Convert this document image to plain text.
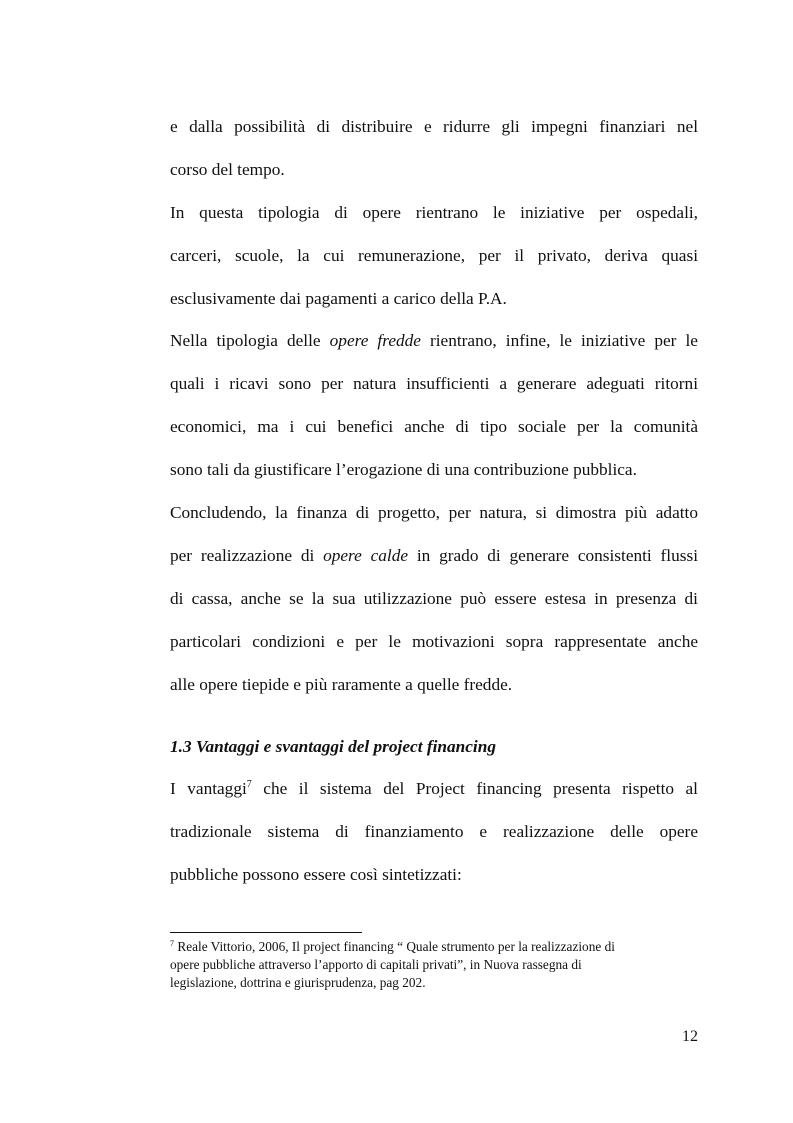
e dalla possibilità di distribuire e ridurre gli impegni finanziari nel
corso del tempo.
In questa tipologia di opere rientrano le iniziative per ospedali,
carceri, scuole, la cui remunerazione, per il privato, deriva quasi
esclusivamente dai pagamenti a carico della P.A.
Nella tipologia delle opere fredde rientrano, infine, le iniziative per le
quali i ricavi sono per natura insufficienti a generare adeguati ritorni
economici, ma i cui benefici anche di tipo sociale per la comunità
sono tali da giustificare l’erogazione di una contribuzione pubblica.
Concludendo, la finanza di progetto, per natura, si dimostra più adatto
per realizzazione di opere calde in grado di generare consistenti flussi
di cassa, anche se la sua utilizzazione può essere estesa in presenza di
particolari condizioni e per le motivazioni sopra rappresentate anche
alle opere tiepide e più raramente a quelle fredde.
1.3 Vantaggi e svantaggi del project financing
I vantaggi$^7$ che il sistema del Project financing presenta rispetto al
tradizionale sistema di finanziamento e realizzazione delle opere
pubbliche possono essere così sintetizzati:
$^7$ Reale Vittorio, 2006, Il project financing “ Quale strumento per la realizzazione di
opere pubbliche attraverso l’apporto di capitali privati”, in Nuova rassegna di
legislazione, dottrina e giurisprudenza, pag 202.
12
